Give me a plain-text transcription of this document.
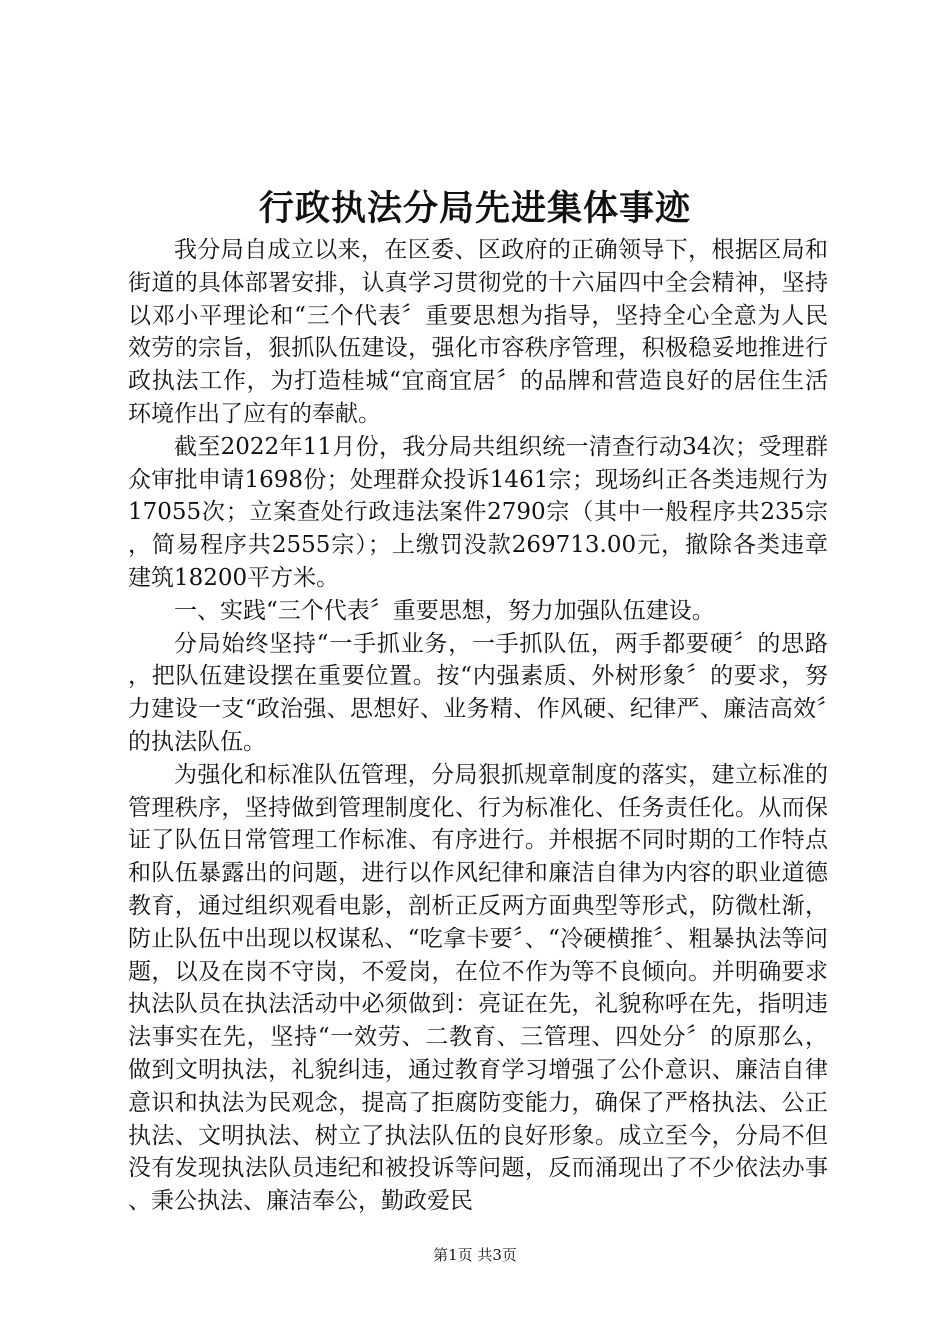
行政执法分局先进集体事迹

我分局自成立以来，在区委、区政府的正确领导下，根据区局和街道的具体部署安排，认真学习贯彻党的十六届四中全会精神，坚持以邓小平理论和“三个代表〞重要思想为指导，坚持全心全意为人民效劳的宗旨，狠抓队伍建设，强化市容秩序管理，积极稳妥地推进行政执法工作，为打造桂城“宜商宜居〞的品牌和营造良好的居住生活环境作出了应有的奉献。

截至2022年11月份，我分局共组织统一清查行动34次；受理群众审批申请1698份；处理群众投诉1461宗；现场纠正各类违规行为17055次；立案查处行政违法案件2790宗（其中一般程序共235宗，简易程序共2555宗）；上缴罚没款269713.00元，撤除各类违章建筑18200平方米。

一、实践“三个代表〞重要思想，努力加强队伍建设。

分局始终坚持“一手抓业务，一手抓队伍，两手都要硬〞的思路，把队伍建设摆在重要位置。按“内强素质、外树形象〞的要求，努力建设一支“政治强、思想好、业务精、作风硬、纪律严、廉洁高效〞的执法队伍。

为强化和标准队伍管理，分局狠抓规章制度的落实，建立标准的管理秩序，坚持做到管理制度化、行为标准化、任务责任化。从而保证了队伍日常管理工作标准、有序进行。并根据不同时期的工作特点和队伍暴露出的问题，进行以作风纪律和廉洁自律为内容的职业道德教育，通过组织观看电影，剖析正反两方面典型等形式，防微杜渐，防止队伍中出现以权谋私、“吃拿卡要〞、“冷硬横推〞、粗暴执法等问题，以及在岗不守岗，不爱岗，在位不作为等不良倾向。并明确要求执法队员在执法活动中必须做到：亮证在先，礼貌称呼在先，指明违法事实在先，坚持“一效劳、二教育、三管理、四处分〞的原那么，做到文明执法，礼貌纠违，通过教育学习增强了公仆意识、廉洁自律意识和执法为民观念，提高了拒腐防变能力，确保了严格执法、公正执法、文明执法、树立了执法队伍的良好形象。成立至今，分局不但没有发现执法队员违纪和被投诉等问题，反而涌现出了不少依法办事、秉公执法、廉洁奉公，勤政爱民

第1页 共3页
